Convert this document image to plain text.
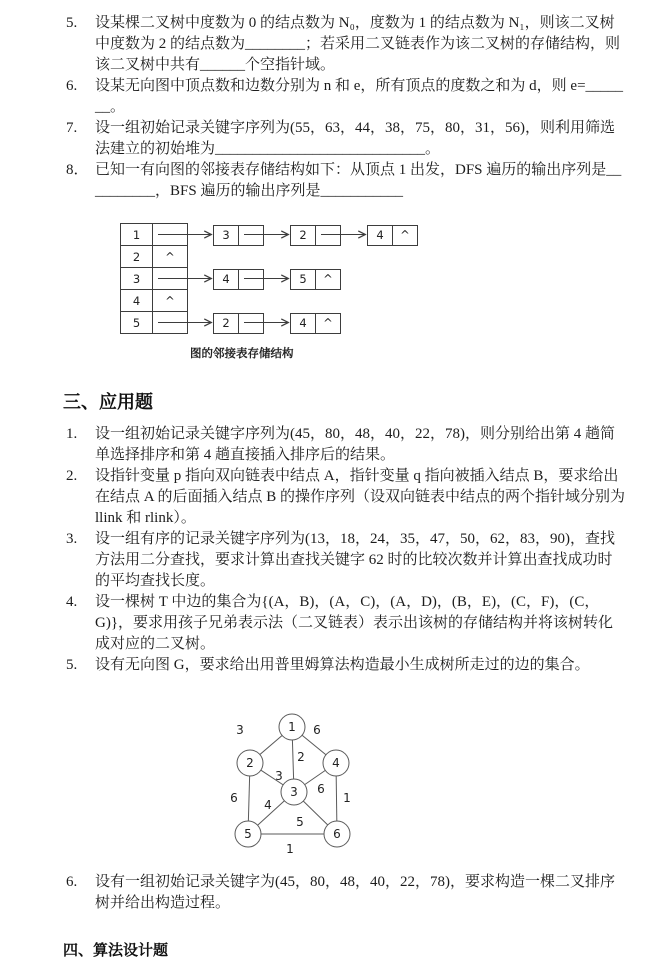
5.	设某棵二叉树中度数为 0 的结点数为 N₀，度数为 1 的结点数为 N₁，则该二叉树中度数为 2 的结点数为________；若采用二叉链表作为该二叉树的存储结构，则该二叉树中共有______个空指针域。
6.	设某无向图中顶点数和边数分别为 n 和 e，所有顶点的度数之和为 d，则 e=_______。
7.	设一组初始记录关键字序列为(55，63，44，38，75，80，31，56)，则利用筛选法建立的初始堆为____________________________。
8． 已知一有向图的邻接表存储结构如下：从顶点 1 出发，DFS 遍历的输出序列是__________，BFS 遍历的输出序列是___________
1	3	2	4	^
2	^
3	4	5	^
4	^
5	2	4	^
图的邻接表存储结构
三、应用题
1.	设一组初始记录关键字序列为(45，80，48，40，22，78)，则分别给出第 4 趟简单选择排序和第 4 趟直接插入排序后的结果。
2.	设指针变量 p 指向双向链表中结点 A，指针变量 q 指向被插入结点 B，要求给出在结点 A 的后面插入结点 B 的操作序列（设双向链表中结点的两个指针域分别为 llink 和 rlink）。
3.	设一组有序的记录关键字序列为(13，18，24，35，47，50，62，83，90)，查找方法用二分查找，要求计算出查找关键字 62 时的比较次数并计算出查找成功时的平均查找长度。
4.	设一棵树 T 中边的集合为{(A，B)，(A，C)，(A，D)，(B，E)，(C，F)，(C，G)}，要求用孩子兄弟表示法（二叉链表）表示出该树的存储结构并将该树转化成对应的二叉树。
5.	设有无向图 G，要求给出用普里姆算法构造最小生成树所走过的边的集合。
1
2
3
4
5	6
3	6
2
3
6
1
6 4
5
1
6.	设有一组初始记录关键字为(45，80，48，40，22，78)，要求构造一棵二叉排序树并给出构造过程。
四、算法设计题
